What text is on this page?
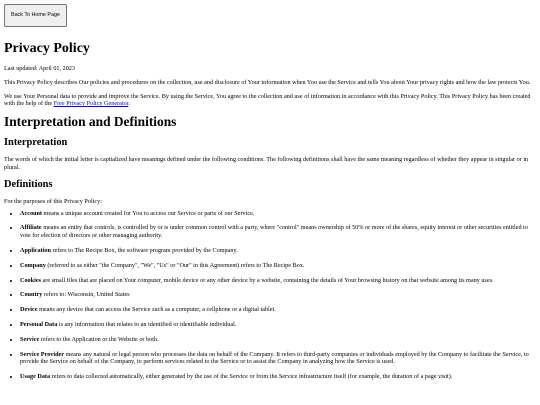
Back To Home Page
Privacy Policy

Last updated: April 01, 2023

This Privacy Policy describes Our policies and procedures on the collection, use and disclosure of Your information when You use the Service and tells You about Your privacy rights and how the law protects You.

We use Your Personal data to provide and improve the Service. By using the Service, You agree to the collection and use of information in accordance with this Privacy Policy. This Privacy Policy has been created with the help of the Free Privacy Policy Generator.

Interpretation and Definitions
Interpretation

The words of which the initial letter is capitalized have meanings defined under the following conditions. The following definitions shall have the same meaning regardless of whether they appear in singular or in plural.

Definitions

For the purposes of this Privacy Policy:

• Account means a unique account created for You to access our Service or parts of our Service.
• Affiliate means an entity that controls, is controlled by or is under common control with a party, where "control" means ownership of 50% or more of the shares, equity interest or other securities entitled to vote for election of directors or other managing authority.
• Application refers to The Recipe Box, the software program provided by the Company.
• Company (referred to as either "the Company", "We", "Us" or "Our" in this Agreement) refers to The Recipe Box.
• Cookies are small files that are placed on Your computer, mobile device or any other device by a website, containing the details of Your browsing history on that website among its many uses.
• Country refers to: Wisconsin, United States
• Device means any device that can access the Service such as a computer, a cellphone or a digital tablet.
• Personal Data is any information that relates to an identified or identifiable individual.
• Service refers to the Application or the Website or both.
• Service Provider means any natural or legal person who processes the data on behalf of the Company. It refers to third-party companies or individuals employed by the Company to facilitate the Service, to provide the Service on behalf of the Company, to perform services related to the Service or to assist the Company in analyzing how the Service is used.
• Usage Data refers to data collected automatically, either generated by the use of the Service or from the Service infrastructure itself (for example, the duration of a page visit).
